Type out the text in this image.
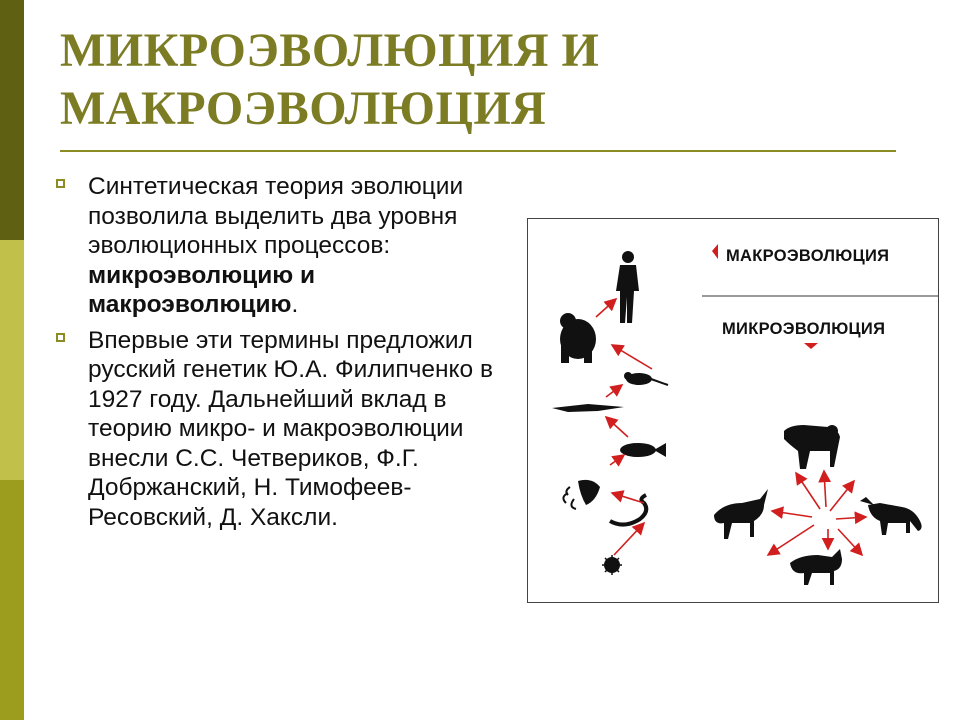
МИКРОЭВОЛЮЦИЯ И
МАКРОЭВОЛЮЦИЯ
Синтетическая теория эволюции позволила выделить два уровня эволюционных процессов: микроэволюцию и макроэволюцию.
Впервые эти термины предложил русский генетик Ю.А. Филипченко в 1927 году. Дальнейший вклад в теорию микро- и макроэволюции внесли С.С. Четвериков, Ф.Г. Добржанский, Н. Тимофеев-Ресовский, Д. Хаксли.
МАКРОЭВОЛЮЦИЯ
МИКРОЭВОЛЮЦИЯ
